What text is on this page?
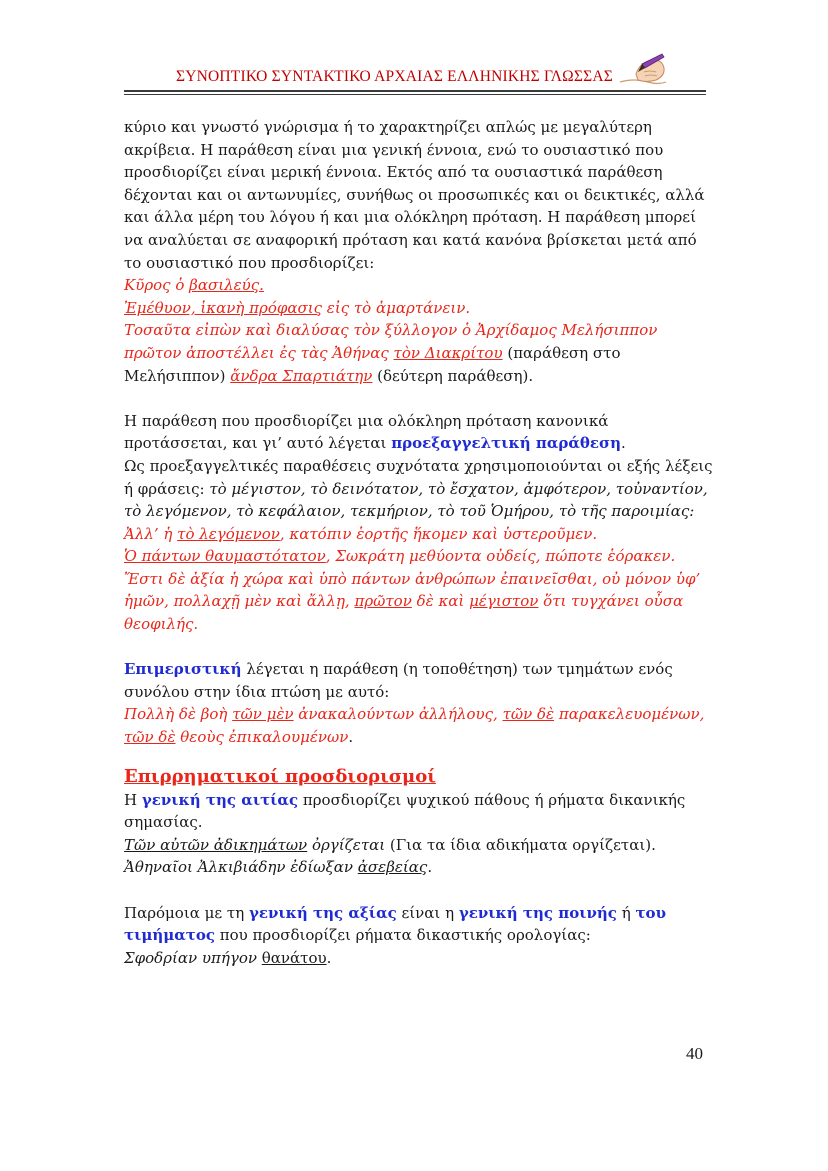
ΣΥΝΟΠΤΙΚΟ ΣΥΝΤΑΚΤΙΚΟ ΑΡΧΑΙΑΣ ΕΛΛΗΝΙΚΗΣ ΓΛΩΣΣΑΣ

κύριο και γνωστό γνώρισμα ή το χαρακτηρίζει απλώς με μεγαλύτερη ακρίβεια. Η παράθεση είναι μια γενική έννοια, ενώ το ουσιαστικό που προσδιορίζει είναι μερική έννοια. Εκτός από τα ουσιαστικά παράθεση δέχονται και οι αντωνυμίες, συνήθως οι προσωπικές και οι δεικτικές, αλλά και άλλα μέρη του λόγου ή και μια ολόκληρη πρόταση. Η παράθεση μπορεί να αναλύεται σε αναφορική πρόταση και κατά κανόνα βρίσκεται μετά από το ουσιαστικό που προσδιορίζει:

Κῦρος ὁ βασιλεύς.

Ἐμέθυον, ἱκανὴ πρόφασις εἰς τὸ ἁμαρτάνειν.

Τοσαῦτα εἰπὼν καὶ διαλύσας τὸν ξύλλογον ὁ Ἀρχίδαμος Μελήσιππον πρῶτον ἀποστέλλει ἐς τὰς Ἀθήνας τὸν Διακρίτου (παράθεση στο Μελήσιππον) ἄνδρα Σπαρτιάτην (δεύτερη παράθεση).

Η παράθεση που προσδιορίζει μια ολόκληρη πρόταση κανονικά προτάσσεται, και γι’ αυτό λέγεται προεξαγγελτική παράθεση.

Ως προεξαγγελτικές παραθέσεις συχνότατα χρησιμοποιούνται οι εξής λέξεις ή φράσεις: τὸ μέγιστον, τὸ δεινότατον, τὸ ἔσχατον, ἀμφότερον, τοὐναντίον, τὸ λεγόμενον, τὸ κεφάλαιον, τεκμήριον, τὸ τοῦ Ὁμήρου, τὸ τῆς παροιμίας:

Ἀλλ’ ἡ τὸ λεγόμενον, κατόπιν ἑορτῆς ἥκομεν καὶ ὑστεροῦμεν.

Ὁ πάντων θαυμαστότατον, Σωκράτη μεθύοντα οὐδείς, πώποτε ἑόρακεν.

Ἔστι δὲ ἀξία ἡ χώρα καὶ ὑπὸ πάντων ἀνθρώπων ἐπαινεῖσθαι, οὐ μόνον ὑφ’ ἡμῶν, πολλαχῇ μὲν καὶ ἄλλῃ, πρῶτον δὲ καὶ μέγιστον ὅτι τυγχάνει οὖσα θεοφιλής.

Επιμεριστική λέγεται η παράθεση (η τοποθέτηση) των τμημάτων ενός συνόλου στην ίδια πτώση με αυτό:

Πολλὴ δὲ βοὴ τῶν μὲν ἀνακαλούντων ἀλλήλους, τῶν δὲ παρακελευομένων, τῶν δὲ θεοὺς ἐπικαλουμένων.

Επιρρηματικοί προσδιορισμοί

Η γενική της αιτίας προσδιορίζει ψυχικού πάθους ή ρήματα δικανικής σημασίας.

Τῶν αὐτῶν ἀδικημάτων ὀργίζεται (Για τα ίδια αδικήματα οργίζεται).

Ἀθηναῖοι Ἀλκιβιάδην ἐδίωξαν ἀσεβείας.

Παρόμοια με τη γενική της αξίας είναι η γενική της ποινής ή του τιμήματος που προσδιορίζει ρήματα δικαστικής ορολογίας:

Σφοδρίαν υπήγον θανάτου.

40
